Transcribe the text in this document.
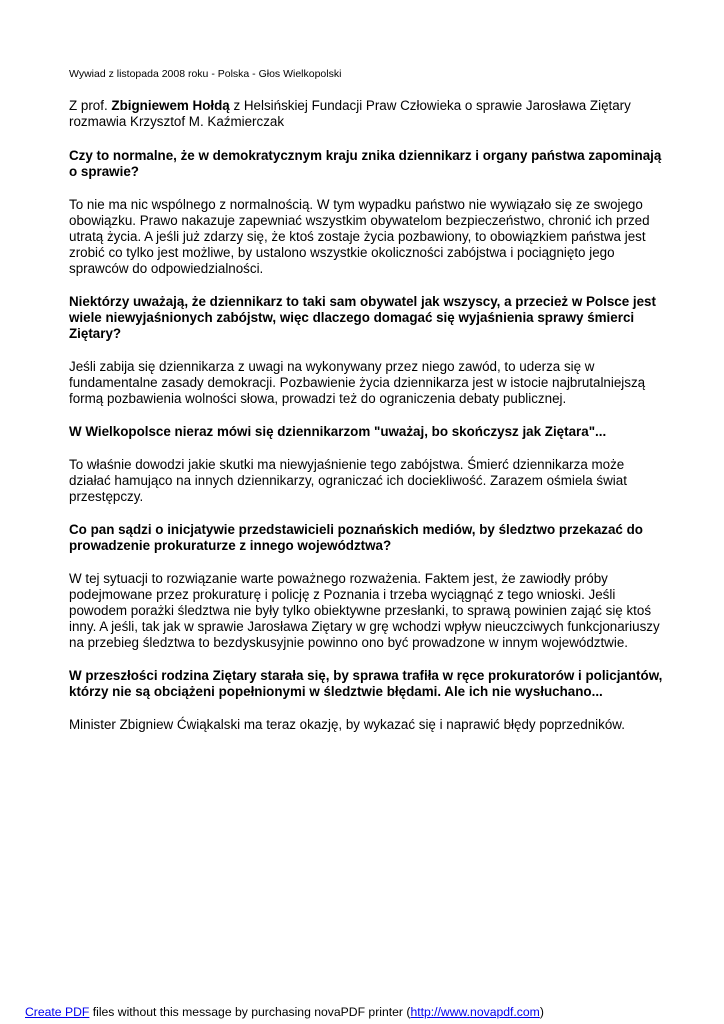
Wywiad z listopada 2008 roku - Polska - Głos Wielkopolski

Z prof. Zbigniewem Hołdą z Helsińskiej Fundacji Praw Człowieka o sprawie Jarosława Ziętary rozmawia Krzysztof M. Kaźmierczak

Czy to normalne, że w demokratycznym kraju znika dziennikarz i organy państwa zapominają o sprawie?

To nie ma nic wspólnego z normalnością. W tym wypadku państwo nie wywiązało się ze swojego obowiązku. Prawo nakazuje zapewniać wszystkim obywatelom bezpieczeństwo, chronić ich przed utratą życia. A jeśli już zdarzy się, że ktoś zostaje życia pozbawiony, to obowiązkiem państwa jest zrobić co tylko jest możliwe, by ustalono wszystkie okoliczności zabójstwa i pociągnięto jego sprawców do odpowiedzialności.

Niektórzy uważają, że dziennikarz to taki sam obywatel jak wszyscy, a przecież w Polsce jest wiele niewyjaśnionych zabójstw, więc dlaczego domagać się wyjaśnienia sprawy śmierci Ziętary?

Jeśli zabija się dziennikarza z uwagi na wykonywany przez niego zawód, to uderza się w fundamentalne zasady demokracji. Pozbawienie życia dziennikarza jest w istocie najbrutalniejszą formą pozbawienia wolności słowa, prowadzi też do ograniczenia debaty publicznej.

W Wielkopolsce nieraz mówi się dziennikarzom "uważaj, bo skończysz jak Ziętara"...

To właśnie dowodzi jakie skutki ma niewyjaśnienie tego zabójstwa. Śmierć dziennikarza może działać hamująco na innych dziennikarzy, ograniczać ich dociekliwość. Zarazem ośmiela świat przestępczy.

Co pan sądzi o inicjatywie przedstawicieli poznańskich mediów, by śledztwo przekazać do prowadzenie prokuraturze z innego województwa?

W tej sytuacji to rozwiązanie warte poważnego rozważenia. Faktem jest, że zawiodły próby podejmowane przez prokuraturę i policję z Poznania i trzeba wyciągnąć z tego wnioski. Jeśli powodem porażki śledztwa nie były tylko obiektywne przesłanki, to sprawą powinien zająć się ktoś inny. A jeśli, tak jak w sprawie Jarosława Ziętary w grę wchodzi wpływ nieuczciwych funkcjonariuszy na przebieg śledztwa to bezdyskusyjnie powinno ono być prowadzone w innym województwie.

W przeszłości rodzina Ziętary starała się, by sprawa trafiła w ręce prokuratorów i policjantów, którzy nie są obciążeni popełnionymi w śledztwie błędami. Ale ich nie wysłuchano...

Minister Zbigniew Ćwiąkalski ma teraz okazję, by wykazać się i naprawić błędy poprzedników.

Create PDF files without this message by purchasing novaPDF printer (http://www.novapdf.com)
